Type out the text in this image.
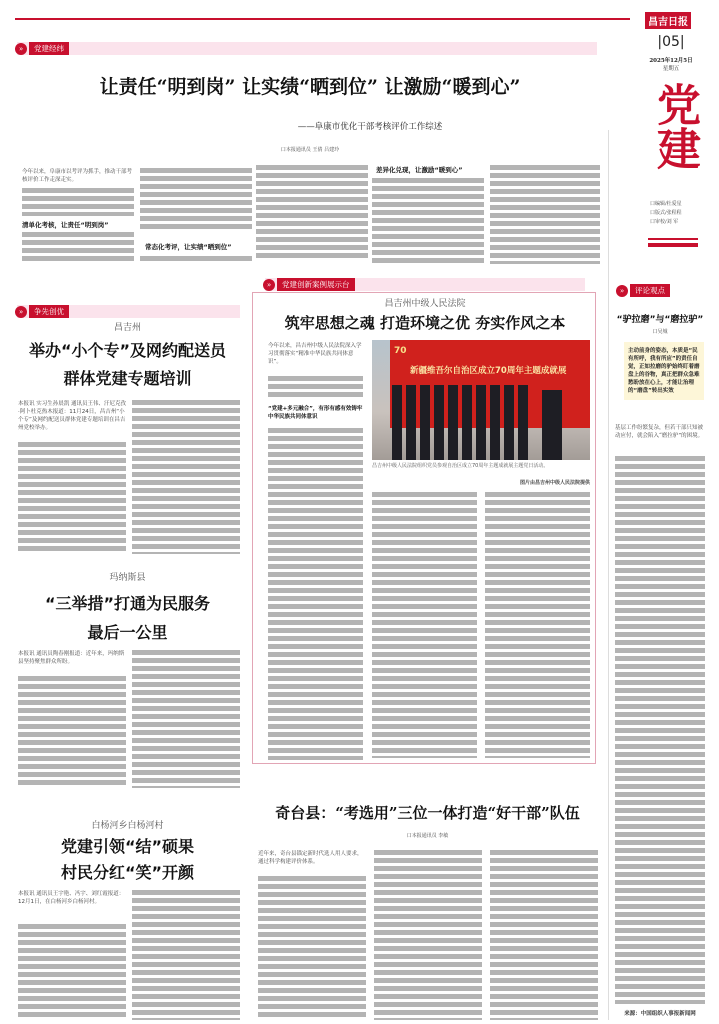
昌吉日报
|05|
2025年12月5日
星期五
党建
口编辑/杜爱星
口版式/张程程
口审校/刘 军
»	党建经纬
让责任“明到岗” 让实绩“晒到位” 让激励“暖到心”
——阜康市优化干部考核评价工作综述
口本报通讯员 王倩 吕建玲
今年以来，阜康市以考评为抓手，推动干部考核评价工作走深走实。
清单化考核，让责任“明到岗”
常态化考评，让实绩“晒到位”
差异化兑现，让激励“暖到心”
»	争先创优
昌吉州
举办“小个专”及网约配送员
群体党建专题培训
本报讯 实习生孙晨凯 通讯员王伟、汗尼克孜·阿卜杜克热木报道：11月24日，昌吉州“小个专”及网约配送员群体党建专题培训在昌吉州党校举办。
玛纳斯县
“三举措”打通为民服务
最后一公里
本报讯 通讯员陶春刚报道：近年来，玛纳斯县坚持聚焦群众所盼。
白杨河乡白杨河村
党建引领“结”硕果
村民分红“笑”开颜
本报讯 通讯员王宇艳、冯宇、刘红霞报道：12月1日，在白杨河乡白杨河村。
»	党建创新案例展示台
昌吉州中级人民法院
筑牢思想之魂 打造环境之优 夯实作风之本
今年以来，昌吉州中级人民法院深入学习贯彻落实“精准中华民族共同体意识”。
“党建+多元融合”，有形有感有效铸牢中华民族共同体意识
70
新疆维吾尔自治区成立70周年主题成就展
昌吉州中级人民法院组织党员参观自治区成立70周年主题成就展主题党日活动。
图片由昌吉州中级人民法院提供
奇台县：“考选用”三位一体打造“好干部”队伍
口本报通讯员 李敏
近年来，奇台县锚定新时代选人用人要求，通过科学构建评价体系。
»	评论观点
“驴拉磨”与“磨拉驴”
口吴城
主动前身的姿态，本质是“民有所呼，我有所应”的责任自觉，正如拉磨的驴始终盯着磨盘上的谷物，真正把群众急难愁盼放在心上，才能让治理的“磨盘”转出实效
基层工作纷繁复杂，但若干部只知被动应付，就会陷入“磨拉驴”的困境。
来源：中国组织人事报新闻网
